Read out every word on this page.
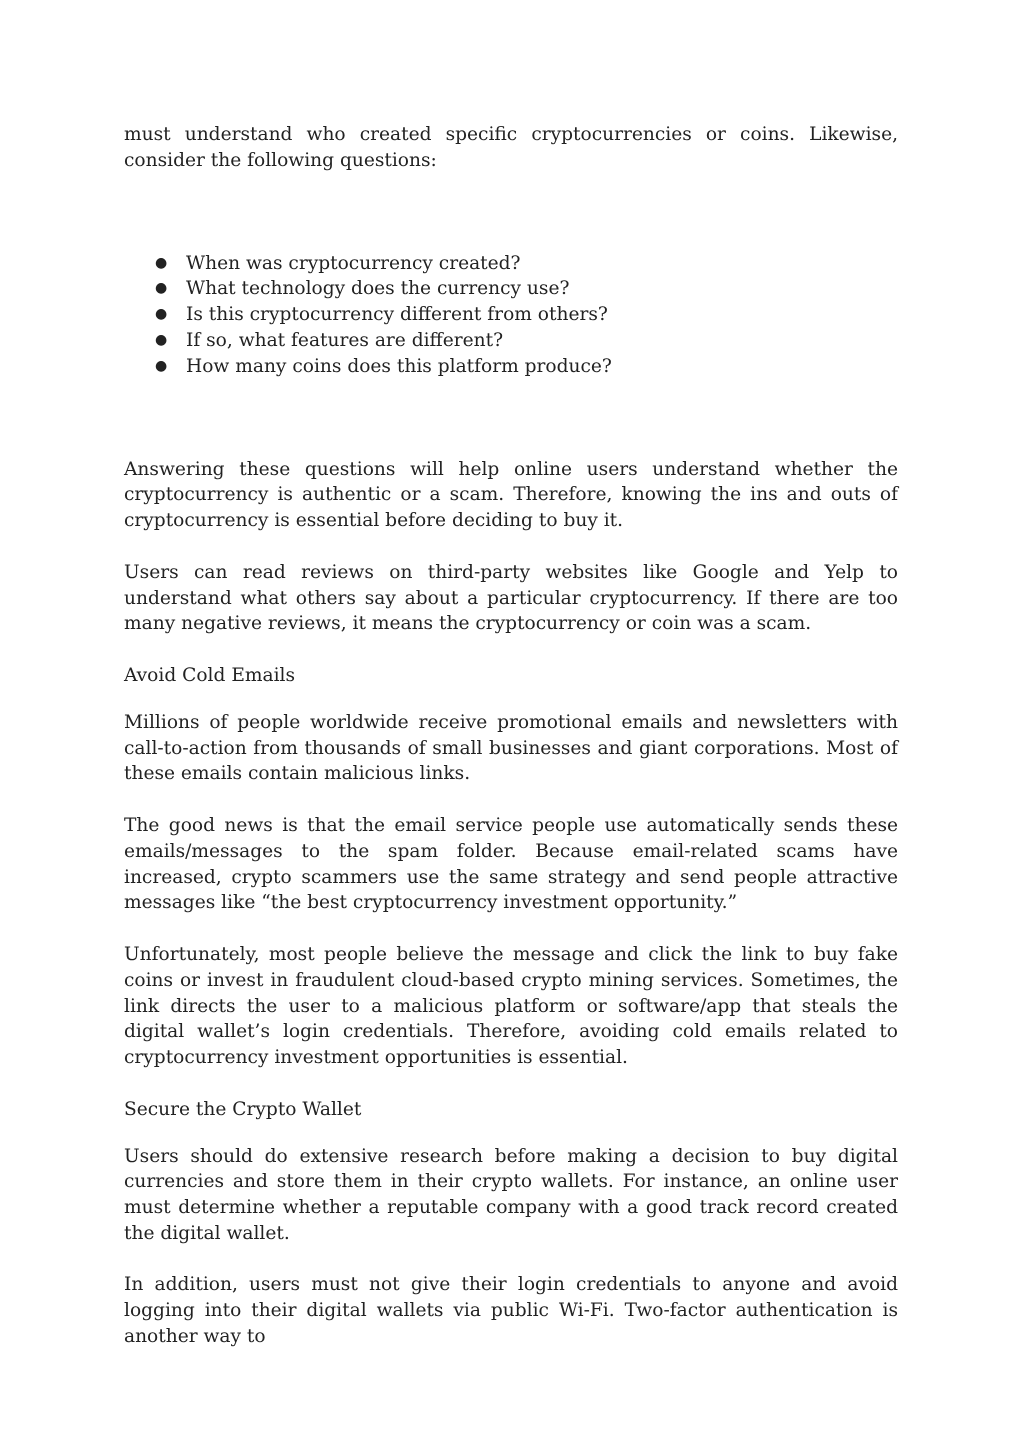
must understand who created specific cryptocurrencies or coins. Likewise, consider the following questions:

● When was cryptocurrency created?
● What technology does the currency use?
● Is this cryptocurrency different from others?
● If so, what features are different?
● How many coins does this platform produce?

Answering these questions will help online users understand whether the cryptocurrency is authentic or a scam. Therefore, knowing the ins and outs of cryptocurrency is essential before deciding to buy it.

Users can read reviews on third-party websites like Google and Yelp to understand what others say about a particular cryptocurrency. If there are too many negative reviews, it means the cryptocurrency or coin was a scam.

Avoid Cold Emails

Millions of people worldwide receive promotional emails and newsletters with call-to-action from thousands of small businesses and giant corporations. Most of these emails contain malicious links.

The good news is that the email service people use automatically sends these emails/messages to the spam folder. Because email-related scams have increased, crypto scammers use the same strategy and send people attractive messages like “the best cryptocurrency investment opportunity.”

Unfortunately, most people believe the message and click the link to buy fake coins or invest in fraudulent cloud-based crypto mining services. Sometimes, the link directs the user to a malicious platform or software/app that steals the digital wallet’s login credentials. Therefore, avoiding cold emails related to cryptocurrency investment opportunities is essential.

Secure the Crypto Wallet

Users should do extensive research before making a decision to buy digital currencies and store them in their crypto wallets. For instance, an online user must determine whether a reputable company with a good track record created the digital wallet.

In addition, users must not give their login credentials to anyone and avoid logging into their digital wallets via public Wi-Fi. Two-factor authentication is another way to
